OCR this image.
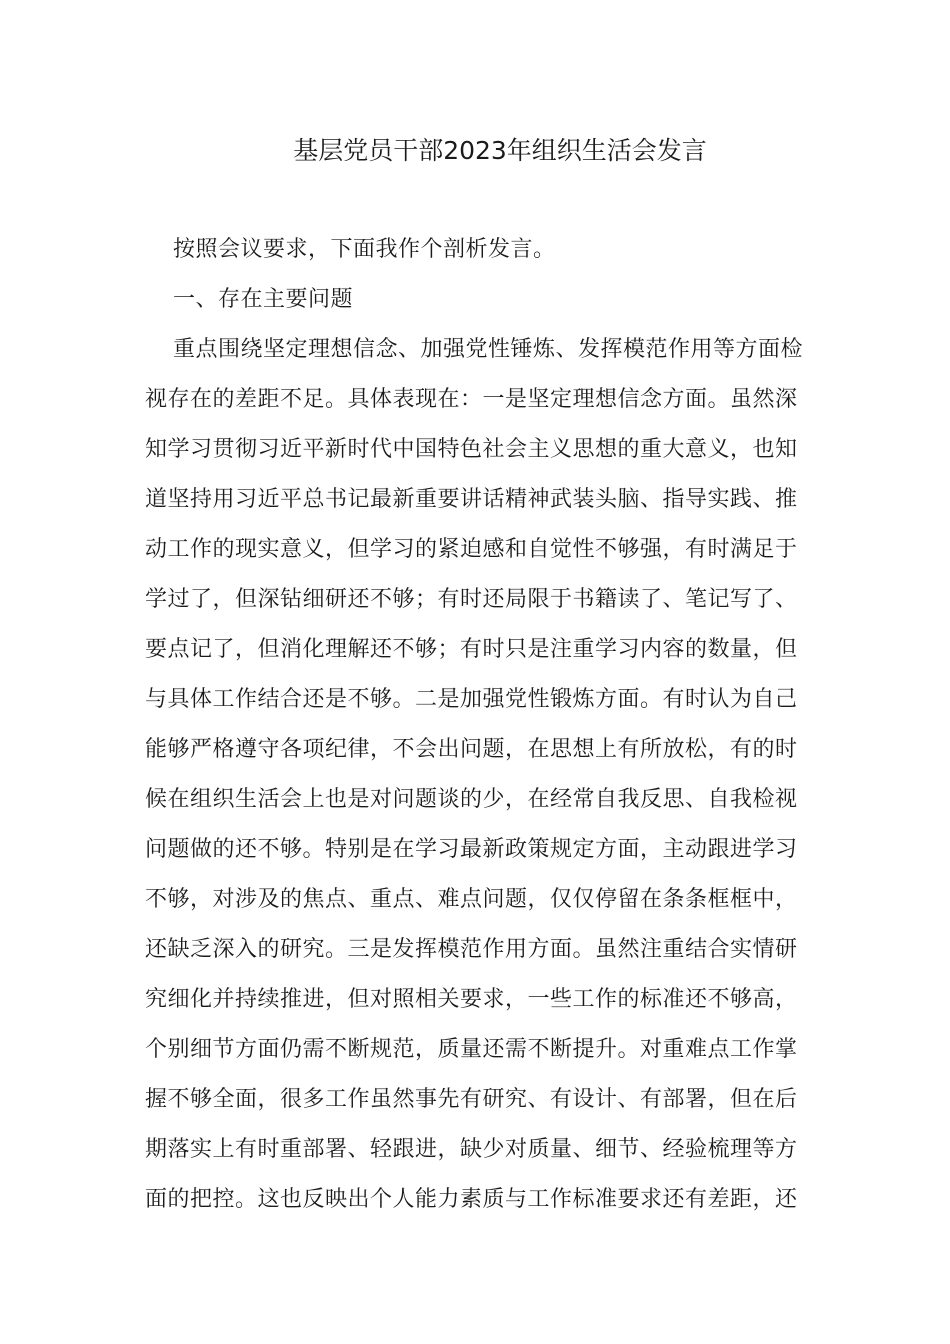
基层党员干部2023年组织生活会发言
按照会议要求，下面我作个剖析发言。
一、存在主要问题
重点围绕坚定理想信念、加强党性锤炼、发挥模范作用等方面检
视存在的差距不足。具体表现在：一是坚定理想信念方面。虽然深
知学习贯彻习近平新时代中国特色社会主义思想的重大意义，也知
道坚持用习近平总书记最新重要讲话精神武装头脑、指导实践、推
动工作的现实意义，但学习的紧迫感和自觉性不够强，有时满足于
学过了，但深钻细研还不够；有时还局限于书籍读了、笔记写了、
要点记了，但消化理解还不够；有时只是注重学习内容的数量，但
与具体工作结合还是不够。二是加强党性锻炼方面。有时认为自己
能够严格遵守各项纪律，不会出问题，在思想上有所放松，有的时
候在组织生活会上也是对问题谈的少，在经常自我反思、自我检视
问题做的还不够。特别是在学习最新政策规定方面，主动跟进学习
不够，对涉及的焦点、重点、难点问题，仅仅停留在条条框框中，
还缺乏深入的研究。三是发挥模范作用方面。虽然注重结合实情研
究细化并持续推进，但对照相关要求，一些工作的标准还不够高，
个别细节方面仍需不断规范，质量还需不断提升。对重难点工作掌
握不够全面，很多工作虽然事先有研究、有设计、有部署，但在后
期落实上有时重部署、轻跟进，缺少对质量、细节、经验梳理等方
面的把控。这也反映出个人能力素质与工作标准要求还有差距，还
